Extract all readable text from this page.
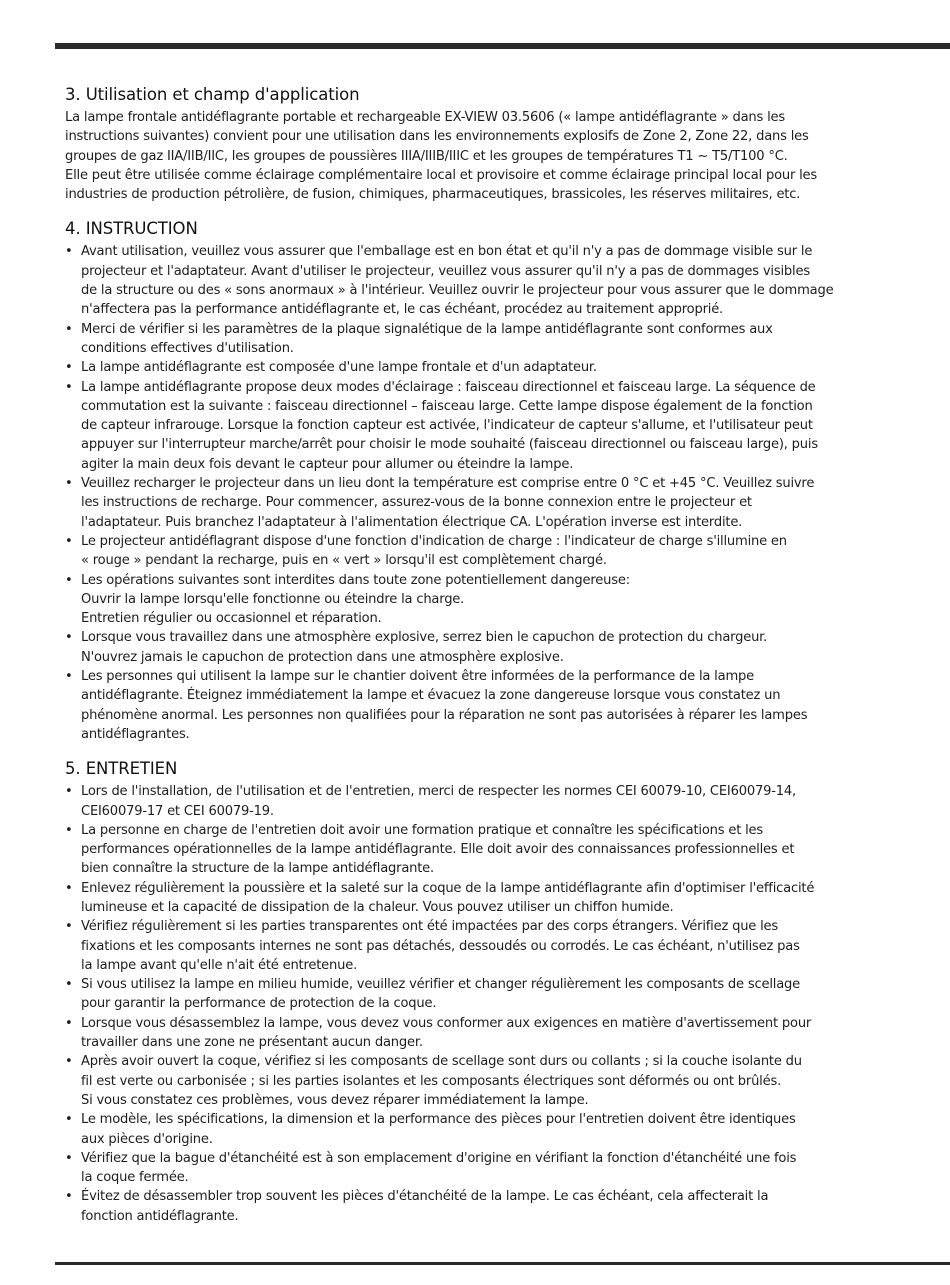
3. Utilisation et champ d'application

La lampe frontale antidéflagrante portable et rechargeable EX-VIEW 03.5606 (« lampe antidéflagrante » dans les
instructions suivantes) convient pour une utilisation dans les environnements explosifs de Zone 2, Zone 22, dans les
groupes de gaz IIA/IIB/IIC, les groupes de poussières IIIA/IIIB/IIIC et les groupes de températures T1 ~ T5/T100 °C.
Elle peut être utilisée comme éclairage complémentaire local et provisoire et comme éclairage principal local pour les
industries de production pétrolière, de fusion, chimiques, pharmaceutiques, brassicoles, les réserves militaires, etc.

4. INSTRUCTION
• Avant utilisation, veuillez vous assurer que l'emballage est en bon état et qu'il n'y a pas de dommage visible sur le
projecteur et l'adaptateur. Avant d'utiliser le projecteur, veuillez vous assurer qu'il n'y a pas de dommages visibles
de la structure ou des « sons anormaux » à l'intérieur. Veuillez ouvrir le projecteur pour vous assurer que le dommage
n'affectera pas la performance antidéflagrante et, le cas échéant, procédez au traitement approprié.
• Merci de vérifier si les paramètres de la plaque signalétique de la lampe antidéflagrante sont conformes aux
conditions effectives d'utilisation.
• La lampe antidéflagrante est composée d'une lampe frontale et d'un adaptateur.
• La lampe antidéflagrante propose deux modes d'éclairage : faisceau directionnel et faisceau large. La séquence de
commutation est la suivante : faisceau directionnel – faisceau large. Cette lampe dispose également de la fonction
de capteur infrarouge. Lorsque la fonction capteur est activée, l'indicateur de capteur s'allume, et l'utilisateur peut
appuyer sur l'interrupteur marche/arrêt pour choisir le mode souhaité (faisceau directionnel ou faisceau large), puis
agiter la main deux fois devant le capteur pour allumer ou éteindre la lampe.
• Veuillez recharger le projecteur dans un lieu dont la température est comprise entre 0 °C et +45 °C. Veuillez suivre
les instructions de recharge. Pour commencer, assurez-vous de la bonne connexion entre le projecteur et
l'adaptateur. Puis branchez l'adaptateur à l'alimentation électrique CA. L'opération inverse est interdite.
• Le projecteur antidéflagrant dispose d'une fonction d'indication de charge : l'indicateur de charge s'illumine en
« rouge » pendant la recharge, puis en « vert » lorsqu'il est complètement chargé.
• Les opérations suivantes sont interdites dans toute zone potentiellement dangereuse:
Ouvrir la lampe lorsqu'elle fonctionne ou éteindre la charge.
Entretien régulier ou occasionnel et réparation.
• Lorsque vous travaillez dans une atmosphère explosive, serrez bien le capuchon de protection du chargeur.
N'ouvrez jamais le capuchon de protection dans une atmosphère explosive.
• Les personnes qui utilisent la lampe sur le chantier doivent être informées de la performance de la lampe
antidéflagrante. Éteignez immédiatement la lampe et évacuez la zone dangereuse lorsque vous constatez un
phénomène anormal. Les personnes non qualifiées pour la réparation ne sont pas autorisées à réparer les lampes
antidéflagrantes.
5. ENTRETIEN
• Lors de l'installation, de l'utilisation et de l'entretien, merci de respecter les normes CEI 60079-10, CEI60079-14,
CEI60079-17 et CEI 60079-19.
• La personne en charge de l'entretien doit avoir une formation pratique et connaître les spécifications et les
performances opérationnelles de la lampe antidéflagrante. Elle doit avoir des connaissances professionnelles et
bien connaître la structure de la lampe antidéflagrante.
• Enlevez régulièrement la poussière et la saleté sur la coque de la lampe antidéflagrante afin d'optimiser l'efficacité
lumineuse et la capacité de dissipation de la chaleur. Vous pouvez utiliser un chiffon humide.
• Vérifiez régulièrement si les parties transparentes ont été impactées par des corps étrangers. Vérifiez que les
fixations et les composants internes ne sont pas détachés, dessoudés ou corrodés. Le cas échéant, n'utilisez pas
la lampe avant qu'elle n'ait été entretenue.
• Si vous utilisez la lampe en milieu humide, veuillez vérifier et changer régulièrement les composants de scellage
pour garantir la performance de protection de la coque.
• Lorsque vous désassemblez la lampe, vous devez vous conformer aux exigences en matière d'avertissement pour
travailler dans une zone ne présentant aucun danger.
• Après avoir ouvert la coque, vérifiez si les composants de scellage sont durs ou collants ; si la couche isolante du
fil est verte ou carbonisée ; si les parties isolantes et les composants électriques sont déformés ou ont brûlés.
Si vous constatez ces problèmes, vous devez réparer immédiatement la lampe.
• Le modèle, les spécifications, la dimension et la performance des pièces pour l'entretien doivent être identiques
aux pièces d'origine.
• Vérifiez que la bague d'étanchéité est à son emplacement d'origine en vérifiant la fonction d'étanchéité une fois
la coque fermée.
• Évitez de désassembler trop souvent les pièces d'étanchéité de la lampe. Le cas échéant, cela affecterait la
fonction antidéflagrante.
